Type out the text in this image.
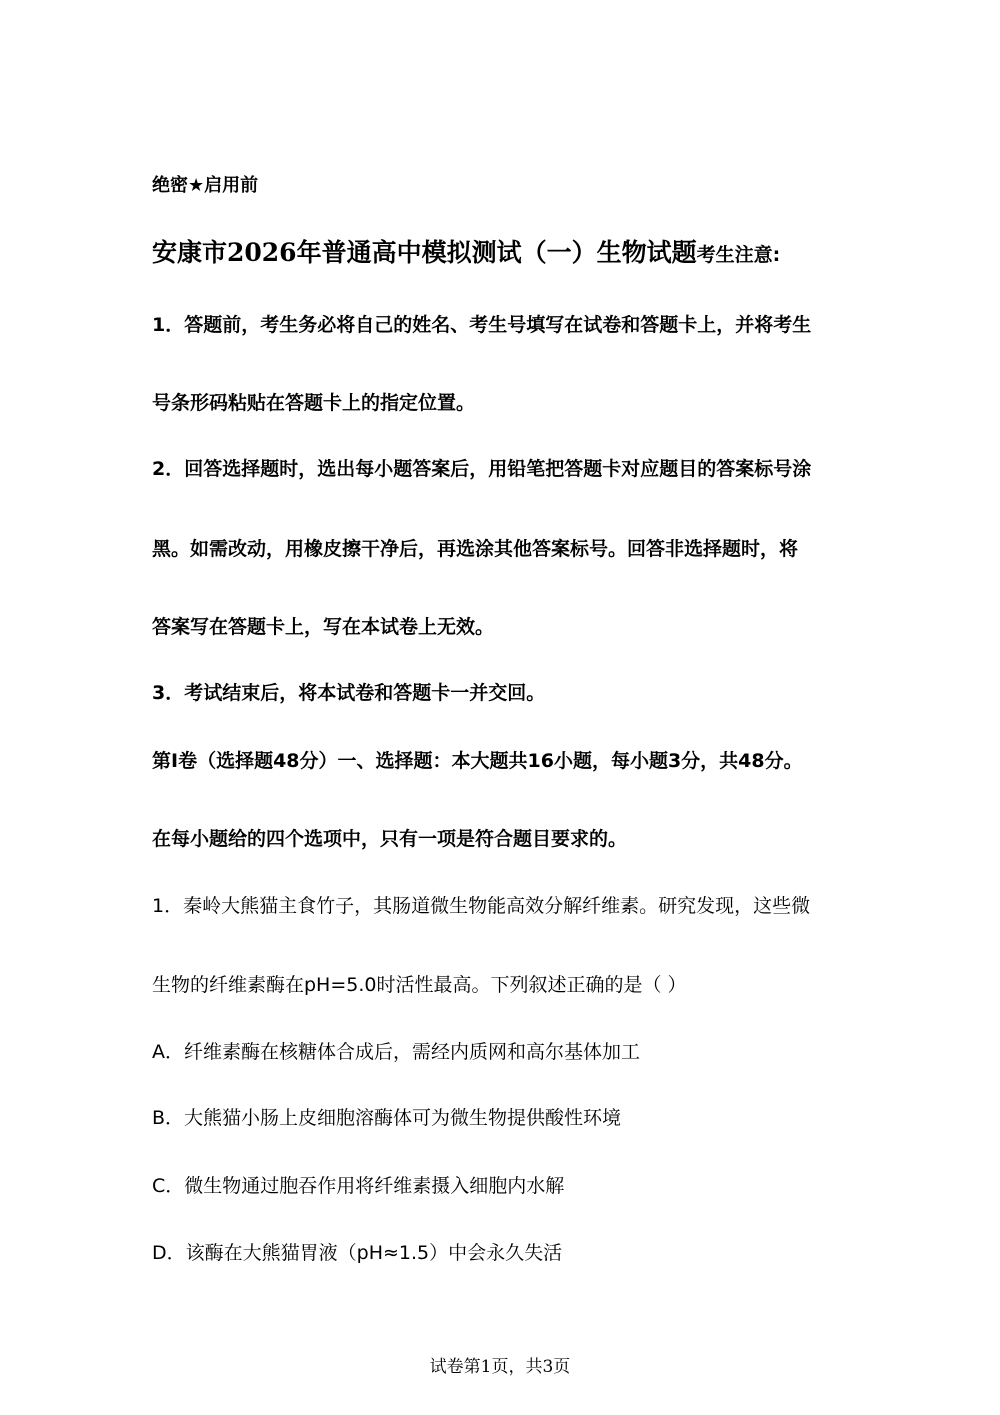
绝密★启用前
安康市2026年普通高中模拟测试（一）生物试题考生注意:
1．答题前，考生务必将自己的姓名、考生号填写在试卷和答题卡上，并将考生
号条形码粘贴在答题卡上的指定位置。
2．回答选择题时，选出每小题答案后，用铅笔把答题卡对应题目的答案标号涂
黑。如需改动，用橡皮擦干净后，再选涂其他答案标号。回答非选择题时，将
答案写在答题卡上，写在本试卷上无效。
3．考试结束后，将本试卷和答题卡一并交回。
第Ⅰ卷（选择题48分）一、选择题：本大题共16小题，每小题3分，共48分。
在每小题给的四个选项中，只有一项是符合题目要求的。
1．秦岭大熊猫主食竹子，其肠道微生物能高效分解纤维素。研究发现，这些微
生物的纤维素酶在pH=5.0时活性最高。下列叙述正确的是（ ）
A．纤维素酶在核糖体合成后，需经内质网和高尔基体加工
B．大熊猫小肠上皮细胞溶酶体可为微生物提供酸性环境
C．微生物通过胞吞作用将纤维素摄入细胞内水解
D．该酶在大熊猫胃液（pH≈1.5）中会永久失活
试卷第1页，共3页
